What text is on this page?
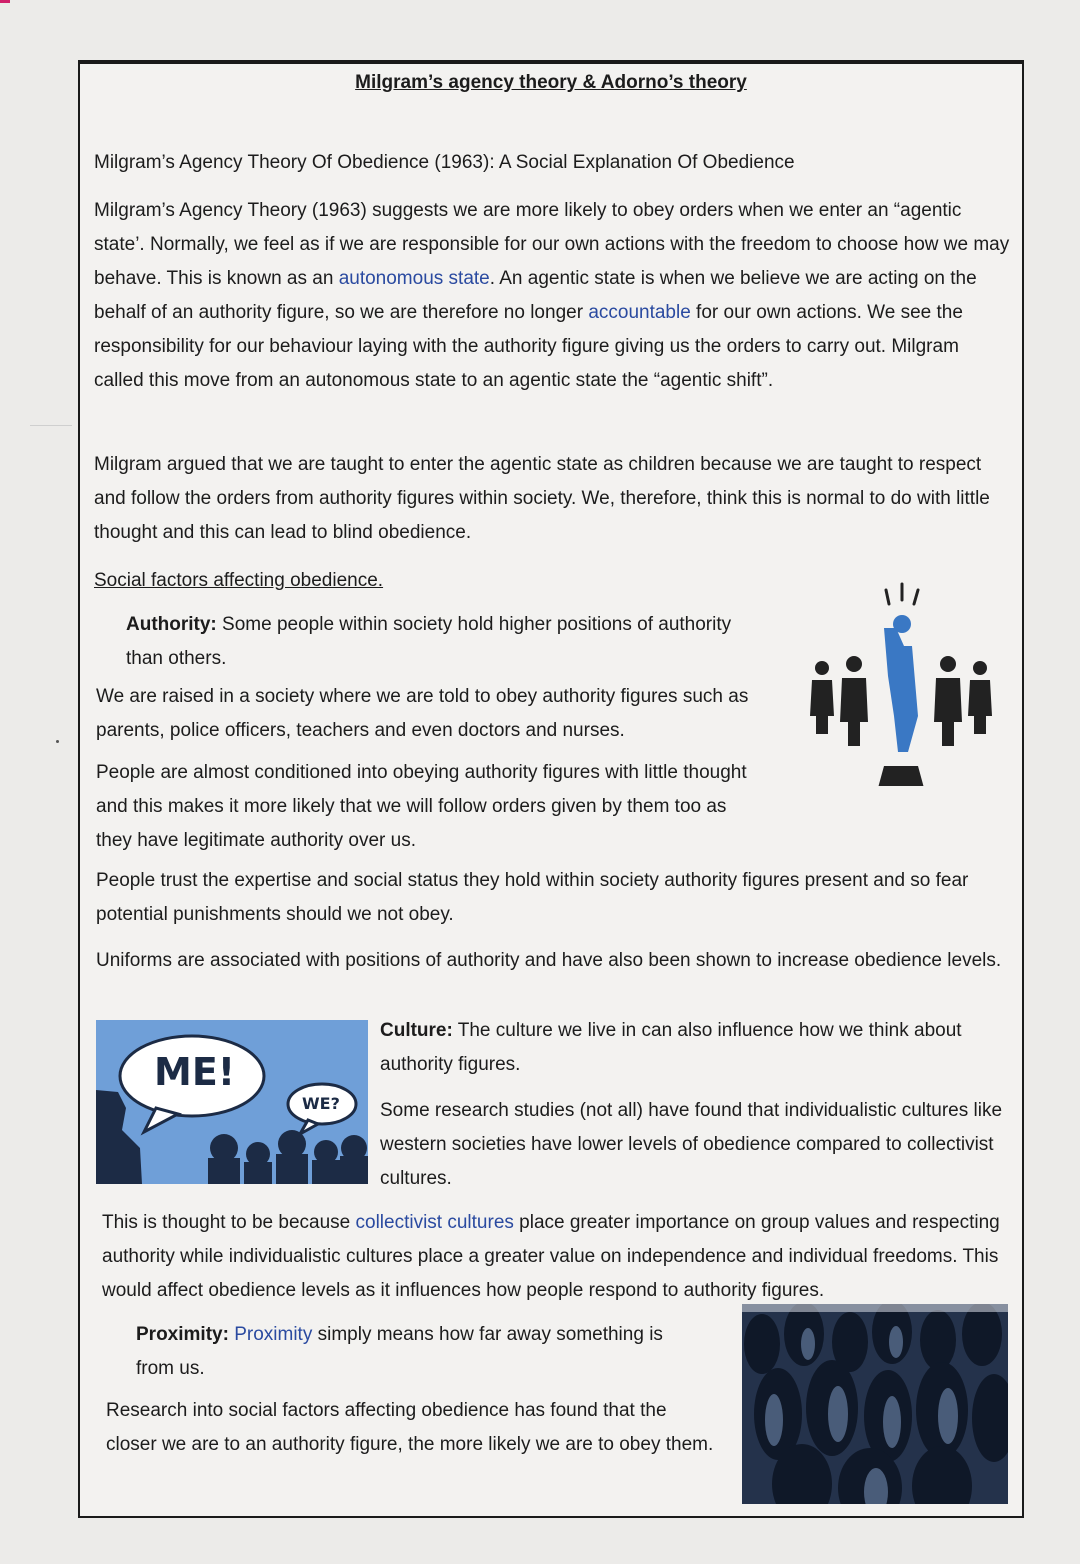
Milgram’s agency theory & Adorno’s theory
Milgram’s Agency Theory Of Obedience (1963): A Social Explanation Of Obedience
Milgram’s Agency Theory (1963) suggests we are more likely to obey orders when we enter an “agentic state’. Normally, we feel as if we are responsible for our own actions with the freedom to choose how we may behave. This is known as an autonomous state. An agentic state is when we believe we are acting on the behalf of an authority figure, so we are therefore no longer accountable for our own actions. We see the responsibility for our behaviour laying with the authority figure giving us the orders to carry out. Milgram called this move from an autonomous state to an agentic state the “agentic shift”.
Milgram argued that we are taught to enter the agentic state as children because we are taught to respect and follow the orders from authority figures within society. We, therefore, think this is normal to do with little thought and this can lead to blind obedience.
Social factors affecting obedience.
Authority: Some people within society hold higher positions of authority than others.
We are raised in a society where we are told to obey authority figures such as parents, police officers, teachers and even doctors and nurses.
People are almost conditioned into obeying authority figures with little thought and this makes it more likely that we will follow orders given by them too as they have legitimate authority over us.
People trust the expertise and social status they hold within society authority figures present and so fear potential punishments should we not obey.
Uniforms are associated with positions of authority and have also been shown to increase obedience levels.
ME!
WE?
Culture: The culture we live in can also influence how we think about authority figures.
Some research studies (not all) have found that individualistic cultures like western societies have lower levels of obedience compared to collectivist cultures.
This is thought to be because collectivist cultures place greater importance on group values and respecting authority while individualistic cultures place a greater value on independence and individual freedoms. This would affect obedience levels as it influences how people respond to authority figures.
Proximity: Proximity simply means how far away something is from us.
Research into social factors affecting obedience has found that the closer we are to an authority figure, the more likely we are to obey them.
